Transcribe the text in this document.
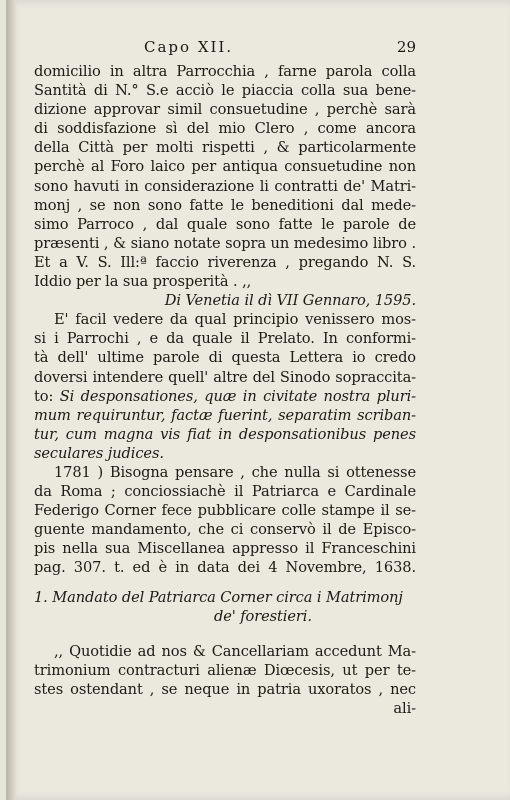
Capo XII.	29
domicilio in altra Parrocchia , farne parola colla
Santità di N.° S.e acciò le piaccia colla sua bene-
dizione approvar simil consuetudine , perchè sarà
di soddisfazione sì del mio Clero , come ancora
della Città per molti rispetti , & particolarmente
perchè al Foro laico per antiqua consuetudine non
sono havuti in considerazione li contratti de' Matri-
monj , se non sono fatte le beneditioni dal mede-
simo Parroco , dal quale sono fatte le parole de
præsenti , & siano notate sopra un medesimo libro .
Et a V. S. Ill:ª faccio riverenza , pregando N. S.
Iddio per la sua prosperità . ,,
Di Venetia il dì VII Gennaro, 1595.
E' facil vedere da qual principio venissero mos-
si i Parrochi , e da quale il Prelato. In conformi-
tà dell' ultime parole di questa Lettera io credo
doversi intendere quell' altre del Sinodo sopraccita-
to: Si desponsationes, quæ in civitate nostra pluri-
mum requiruntur, factæ fuerint, separatim scriban-
tur, cum magna vis fiat in desponsationibus penes
seculares judices.
1781 ) Bisogna pensare , che nulla si ottenesse
da Roma ; conciossiachè il Patriarca e Cardinale
Federigo Corner fece pubblicare colle stampe il se-
guente mandamento, che ci conservò il de Episco-
pis nella sua Miscellanea appresso il Franceschini
pag. 307. t. ed è in data dei 4 Novembre, 1638.
1. Mandato del Patriarca Corner circa i Matrimonj
de' forestieri.
,, Quotidie ad nos & Cancellariam accedunt Ma-
trimonium contracturi alienæ Diœcesis, ut per te-
stes ostendant , se neque in patria uxoratos , nec
ali-
